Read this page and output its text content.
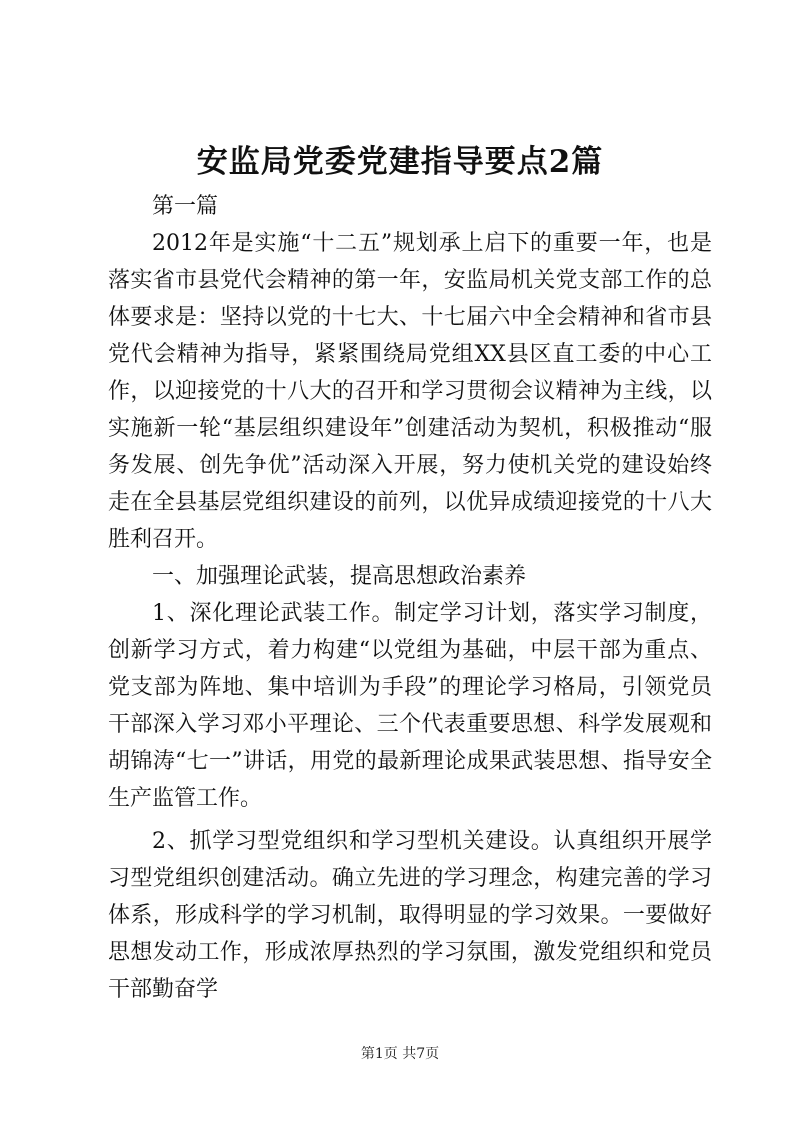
安监局党委党建指导要点2篇

第一篇

2012年是实施“十二五”规划承上启下的重要一年，也是落实省市县党代会精神的第一年，安监局机关党支部工作的总体要求是：坚持以党的十七大、十七届六中全会精神和省市县党代会精神为指导，紧紧围绕局党组XX县区直工委的中心工作，以迎接党的十八大的召开和学习贯彻会议精神为主线，以实施新一轮“基层组织建设年”创建活动为契机，积极推动“服务发展、创先争优”活动深入开展，努力使机关党的建设始终走在全县基层党组织建设的前列，以优异成绩迎接党的十八大胜利召开。

一、加强理论武装，提高思想政治素养

1、深化理论武装工作。制定学习计划，落实学习制度，创新学习方式，着力构建“以党组为基础，中层干部为重点、党支部为阵地、集中培训为手段”的理论学习格局，引领党员干部深入学习邓小平理论、三个代表重要思想、科学发展观和胡锦涛“七一”讲话，用党的最新理论成果武装思想、指导安全生产监管工作。

2、抓学习型党组织和学习型机关建设。认真组织开展学习型党组织创建活动。确立先进的学习理念，构建完善的学习体系，形成科学的学习机制，取得明显的学习效果。一要做好思想发动工作，形成浓厚热烈的学习氛围，激发党组织和党员干部勤奋学

第1页 共7页
